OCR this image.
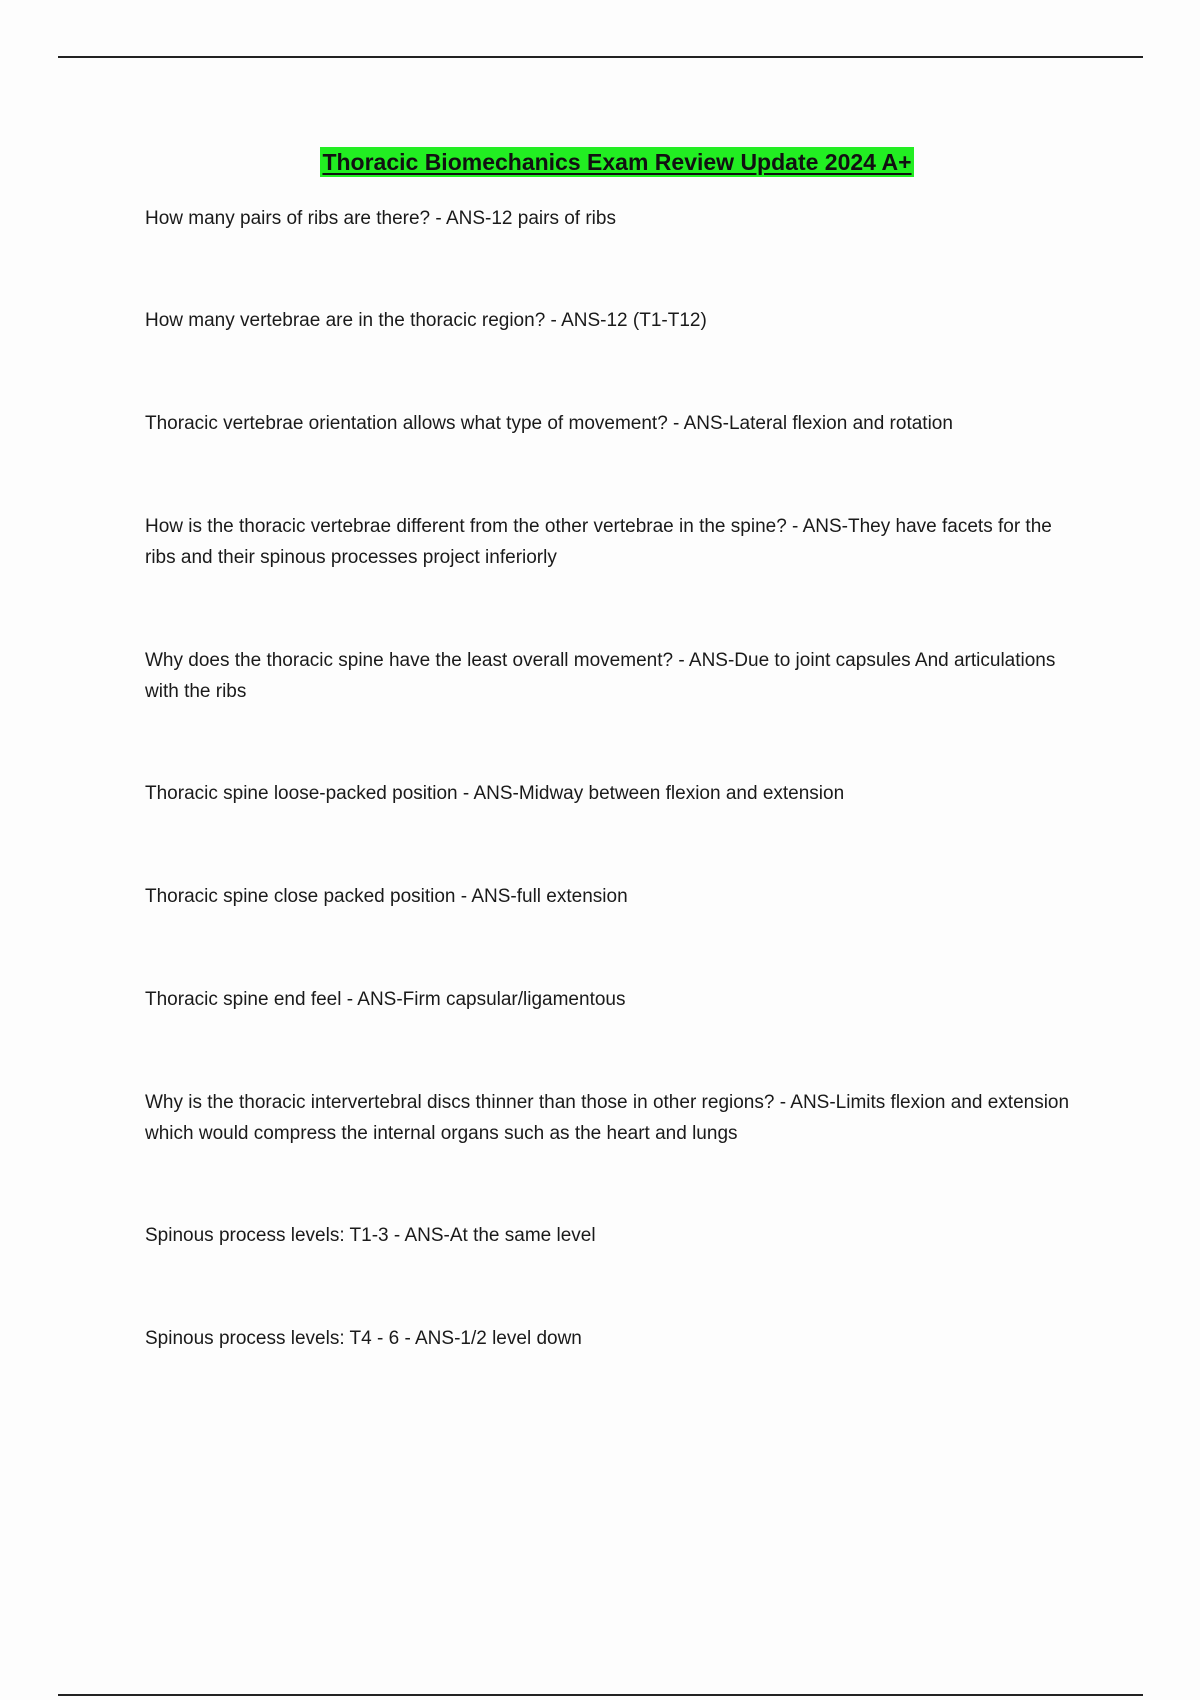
Thoracic Biomechanics Exam Review Update 2024 A+
How many pairs of ribs are there? - ANS-12 pairs of ribs
How many vertebrae are in the thoracic region? - ANS-12 (T1-T12)
Thoracic vertebrae orientation allows what type of movement? - ANS-Lateral flexion and rotation
How is the thoracic vertebrae different from the other vertebrae in the spine? - ANS-They have facets for the ribs and their spinous processes project inferiorly
Why does the thoracic spine have the least overall movement? - ANS-Due to joint capsules And articulations with the ribs
Thoracic spine loose-packed position - ANS-Midway between flexion and extension
Thoracic spine close packed position - ANS-full extension
Thoracic spine end feel - ANS-Firm capsular/ligamentous
Why is the thoracic intervertebral discs thinner than those in other regions? - ANS-Limits flexion and extension which would compress the internal organs such as the heart and lungs
Spinous process levels: T1-3 - ANS-At the same level
Spinous process levels: T4 - 6 - ANS-1/2 level down
